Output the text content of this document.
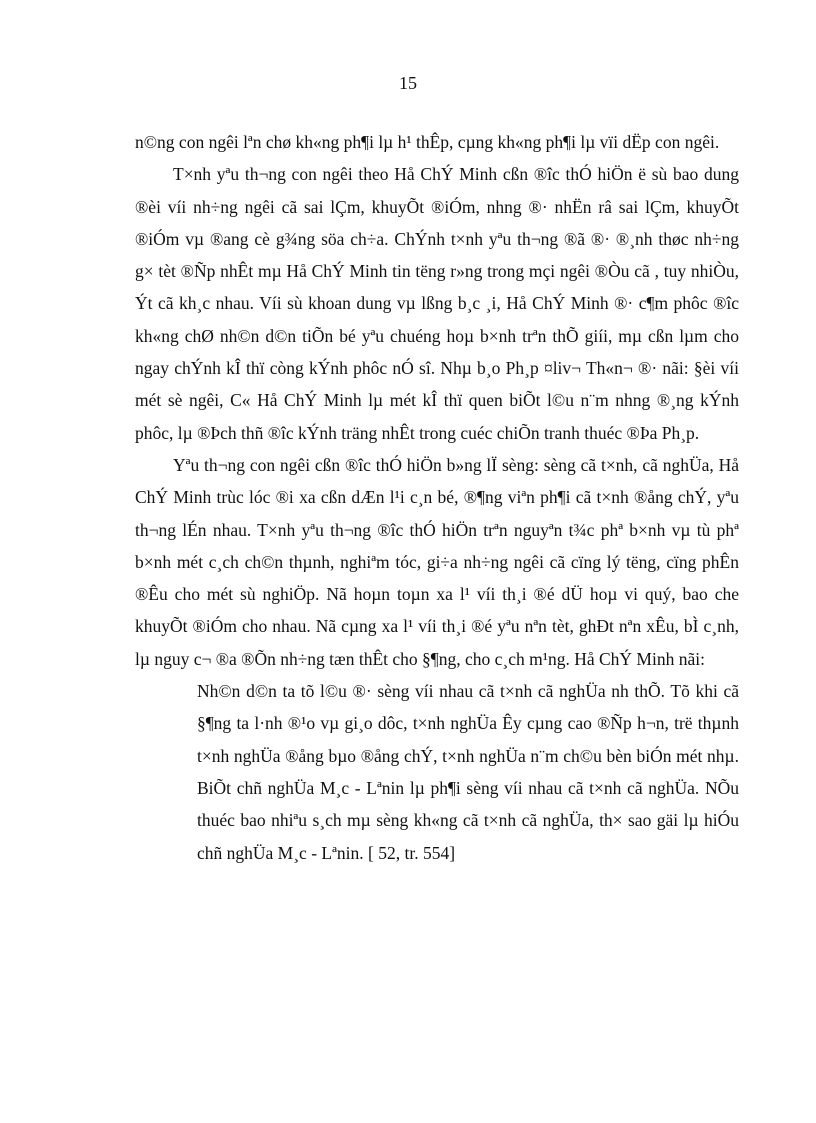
15

n©ng con ngêi lªn chø kh«ng ph¶i lµ h¹ thÊp, cµng kh«ng ph¶i lµ vïi dËp con ngêi.

T×nh yªu th¬ng con ngêi theo Hå ChÝ Minh cßn ®îc thÓ hiÖn ë sù bao dung ®èi víi nh÷ng ngêi cã sai lÇm, khuyÕt ®iÓm, nhng ®· nhËn râ sai lÇm, khuyÕt ®iÓm vµ ®ang cè g¾ng söa ch÷a. ChÝnh t×nh yªu th¬ng ®ã ®· ®¸nh thøc nh÷ng g× tèt ®Ñp nhÊt mµ Hå ChÝ Minh tin tëng r»ng trong mçi ngêi ®Òu cã , tuy nhiÒu, Ýt cã kh¸c nhau. Víi sù khoan dung vµ lßng b¸c ¸i, Hå ChÝ Minh ®· c¶m phôc ®îc kh«ng chØ nh©n d©n tiÕn bé yªu chuéng hoµ b×nh trªn thÕ giíi, mµ cßn lµm cho ngay chÝnh kÎ thï còng kÝnh phôc nÓ sî. Nhµ b¸o Ph¸p ¤liv¬ Th«n¬ ®· nãi: §èi víi mét sè ngêi, C« Hå ChÝ Minh lµ mét kÎ thï quen biÕt l©u n¨m nhng ®¸ng kÝnh phôc, lµ ®Þch thñ ®îc kÝnh träng nhÊt trong cuéc chiÕn tranh thuéc ®Þa Ph¸p.

Yªu th¬ng con ngêi cßn ®îc thÓ hiÖn b»ng lÏ sèng: sèng cã t×nh, cã nghÜa, Hå ChÝ Minh trùc lóc ®i xa cßn dÆn l¹i c¸n bé, ®¶ng viªn ph¶i cã t×nh ®ång chÝ, yªu th¬ng lÉn nhau. T×nh yªu th¬ng ®îc thÓ hiÖn trªn nguyªn t¾c phª b×nh vµ tù phª b×nh mét c¸ch ch©n thµnh, nghiªm tóc, gi÷a nh÷ng ngêi cã cïng lý tëng, cïng phÊn ®Êu cho mét sù nghiÖp. Nã hoµn toµn xa l¹ víi th¸i ®é dÜ hoµ vi quý, bao che khuyÕt ®iÓm cho nhau. Nã cµng xa l¹ víi th¸i ®é yªu nªn tèt, ghÐt nªn xÊu, bÌ c¸nh, lµ nguy c¬ ®a ®Õn nh÷ng tæn thÊt cho §¶ng, cho c¸ch m¹ng. Hå ChÝ Minh nãi:

Nh©n d©n ta tõ l©u ®· sèng víi nhau cã t×nh cã nghÜa nh thÕ. Tõ khi cã §¶ng ta l·nh ®¹o vµ gi¸o dôc, t×nh nghÜa Êy cµng cao ®Ñp h¬n, trë thµnh t×nh nghÜa ®ång bµo ®ång chÝ, t×nh nghÜa n¨m ch©u bèn biÓn mét nhµ. BiÕt chñ nghÜa M¸c - Lªnin lµ ph¶i sèng víi nhau cã t×nh cã nghÜa. NÕu thuéc bao nhiªu s¸ch mµ sèng kh«ng cã t×nh cã nghÜa, th× sao gäi lµ hiÓu chñ nghÜa M¸c - Lªnin. [ 52, tr. 554]
